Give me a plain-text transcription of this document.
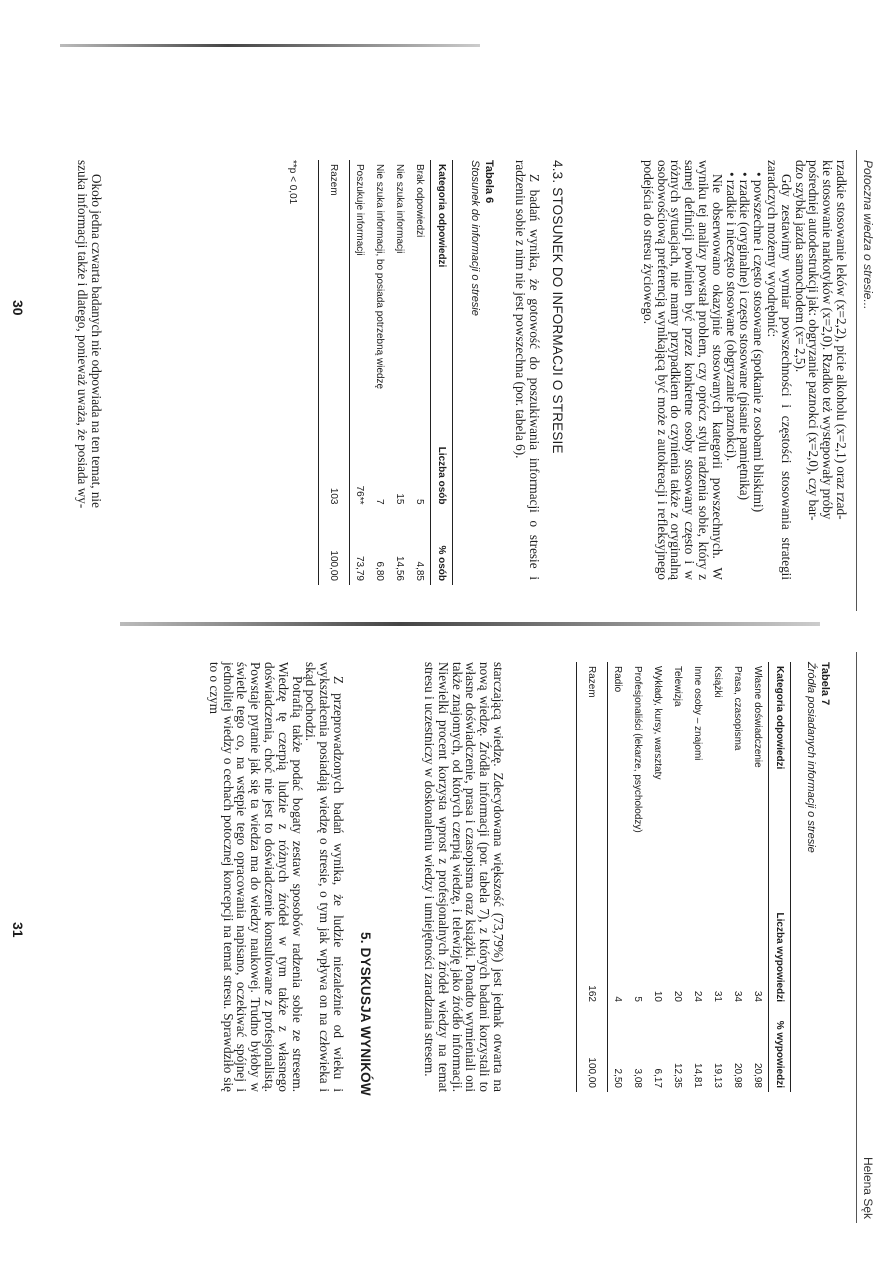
Potoczna wiedza o stresie...

rzadkie stosowanie leków (x=2,2), picie alkoholu (x=2,1) oraz rzad-

kie stosowanie narkotyków (x=2,0). Rzadko też występowały próby

pośredniej autodestrukcji jak: obgryzanie paznokci (x=2,0), czy bar-

dzo szybka jazda samochodem (x= 2,5).

Gdy zestawimy wymiar powszechności i częstości stosowania strategii zaradczych możemy wyodrębnić:

• powszechne i często stosowane (spotkanie z osobami bliskimi)
• rzadkie (oryginalne) i często stosowane (pisanie pamiętnika)
• rzadkie i nieczęsto stosowane (obgryzanie paznokci).

Nie obserwowano okazyjnie stosowanych kategorii powszechnych. W wyniku tej analizy powstał problem, czy oprócz stylu radzenia sobie, który z samej definicji powinien być przez konkretne osoby stosowany często i w różnych sytuacjach, nie mamy przypadkiem do czynienia także z oryginalną osobowościową preferencją wynikającą być może z autokreacji i refleksyjnego podejścia do stresu życiowego.

4.3. STOSUNEK DO INFORMACJI O STRESIE

Z badań wynika, że gotowość do poszukiwania informacji o stresie i radzeniu sobie z nim nie jest powszechna (por. tabela 6).

Tabela 6
Stosunek do informacji o stresie
Kategoria odpowiedzi	Liczba osób	% osób
Brak odpowiedzi	5	4,85
Nie szuka informacji	15	14,56
Nie szuka informacji, bo posiada potrzebną wiedzę	7	6,80
Poszukuje informacji	76**	73,79
Razem	103	100,00
**p < 0,01

Około jedna czwarta badanych nie odpowiada na ten temat, nie

szuka informacji także i dlatego, ponieważ uważa, że posiada wy-

30
Helena Sęk
Tabela 7
Źródła posiadanych informacji o stresie
Kategoria odpowiedzi	Liczba wypowiedzi	% wypowiedzi
Własne doświadczenie	34	20,98
Prasa, czasopisma	34	20,98
Książki	31	19,13
Inne osoby – znajomi	24	14,81
Telewizja	20	12,35
Wykłady, kursy, warsztaty	10	6,17
Profesjonaliści (lekarze, psycholodzy)	5	3,08
Radio	4	2,50
Razem	162	100,00

starczającą wiedzę. Zdecydowana większość (73,79%) jest jednak otwarta na nową wiedzę. Źródła informacji (por. tabela 7), z których badani korzystali to własne doświadczenie, prasa i czasopisma oraz książki. Ponadto wymieniali oni także znajomych, od których czerpią wiedzę, i telewizję jako źródło informacji. Niewielki procent korzysta wprost z profesjonalnych źródeł wiedzy na temat stresu i uczestniczy w doskonaleniu wiedzy i umiejętności zaradzania stresem.

5. DYSKUSJA WYNIKÓW

Z przeprowadzonych badań wynika, że ludzie niezależnie od wieku i wykształcenia posiadają wiedzę o stresie, o tym jak wpływa on na człowieka i skąd pochodzi.

Potrafią także podać bogaty zestaw sposobów radzenia sobie ze stresem. Wiedzę tę czerpią ludzie z różnych źródeł w tym także z własnego doświadczenia, choć nie jest to doświadczenie konsultowane z profesjonalistą. Powstaje pytanie jak się ta wiedza ma do wiedzy naukowej. Trudno byłoby w świetle tego co, na wstępie tego opracowania napisano, oczekiwać spójnej i jednolitej wiedzy o cechach potocznej koncepcji na temat stresu. Sprawdziło się to o czym

31
